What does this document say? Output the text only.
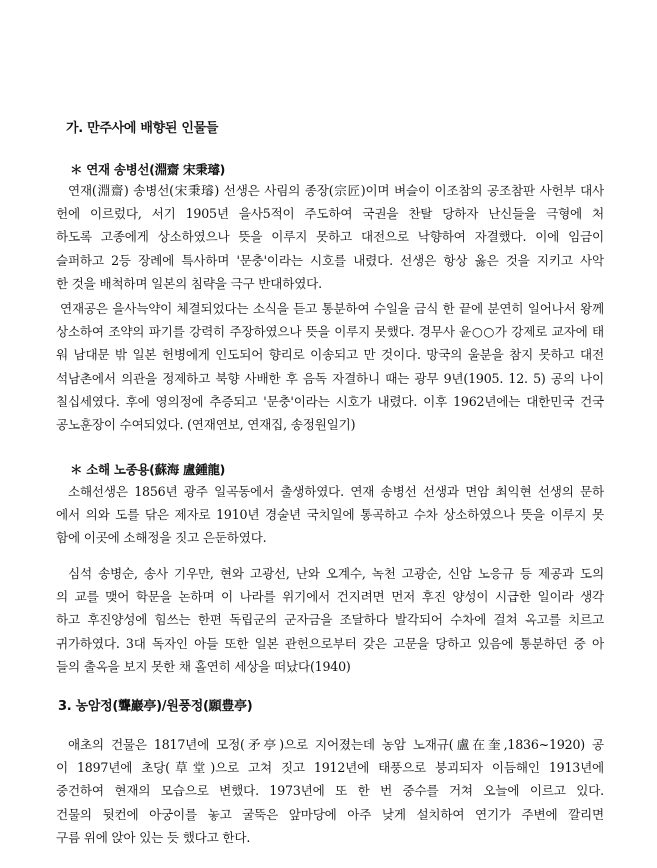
가. 만주사에 배향된 인물들
＊ 연재 송병선(淵齋 宋秉璿)
연재(淵齋) 송병선(宋秉璿) 선생은 사림의 종장(宗匠)이며 벼슬이 이조참의 공조참판 사헌부 대사
헌에 이르렀다, 서기 1905년 을사5적이 주도하여 국권을 찬탈 당하자 난신들을 극형에 처
하도록 고종에게 상소하였으나 뜻을 이루지 못하고 대전으로 낙향하여 자결했다. 이에 임금이
슬퍼하고 2등 장례에 특사하며 '문충'이라는 시호를 내렸다. 선생은 항상 옳은 것을 지키고 사악
한 것을 배척하며 일본의 침략을 극구 반대하였다.
연재공은 을사늑약이 체결되었다는 소식을 듣고 통분하여 수일을 금식 한 끝에 분연히 일어나서 왕께
상소하여 조약의 파기를 강력히 주장하였으나 뜻을 이루지 못했다. 경무사 윤○○가 강제로 교자에 태
워 남대문 밖 일본 헌병에게 인도되어 향리로 이송되고 만 것이다. 망국의 울분을 참지 못하고 대전
석남촌에서 의관을 정제하고 북향 사배한 후 음독 자결하니 때는 광무 9년(1905. 12. 5) 공의 나이
칠십세였다. 후에 영의정에 추증되고 '문충'이라는 시호가 내렸다. 이후 1962년에는 대한민국 건국
공노훈장이 수여되었다. (연재연보, 연재집, 송정원일기)
＊ 소해 노종용(蘇海 盧鍾龍)
소해선생은 1856년 광주 일곡동에서 출생하였다. 연재 송병선 선생과 면암 최익현 선생의 문하
에서 의와 도를 닦은 제자로 1910년 경술년 국치일에 통곡하고 수차 상소하였으나 뜻을 이루지 못
함에 이곳에 소해정을 짓고 은둔하였다.
심석 송병순, 송사 기우만, 현와 고광선, 난와 오계수, 녹천 고광순, 신암 노응규 등 제공과 도의
의 교를 맺어 학문을 논하며 이 나라를 위기에서 건지려면 먼저 후진 양성이 시급한 일이라 생각
하고 후진양성에 힘쓰는 한편 독립군의 군자금을 조달하다 발각되어 수차에 걸쳐 옥고를 치르고
귀가하였다. 3대 독자인 아들 또한 일본 관헌으로부터 갖은 고문을 당하고 있음에 통분하던 중 아
들의 출옥을 보지 못한 채 홀연히 세상을 떠났다(1940)
3. 농암정(聾巖亭)/원풍정(願豊亭)
애초의 건물은 1817년에 모정(矛亭)으로 지어졌는데 농암 노재규(盧在奎,1836~1920) 공
이 1897년에 초당(草堂)으로 고쳐 짓고 1912년에 태풍으로 붕괴되자 이듬해인 1913년에
중건하여 현재의 모습으로 변했다. 1973년에 또 한 번 중수를 거쳐 오늘에 이르고 있다.
건물의 뒷컨에 아궁이를 놓고 굴뚝은 앞마당에 아주 낮게 설치하여 연기가 주변에 깔리면
구름 위에 앉아 있는 듯 했다고 한다.
